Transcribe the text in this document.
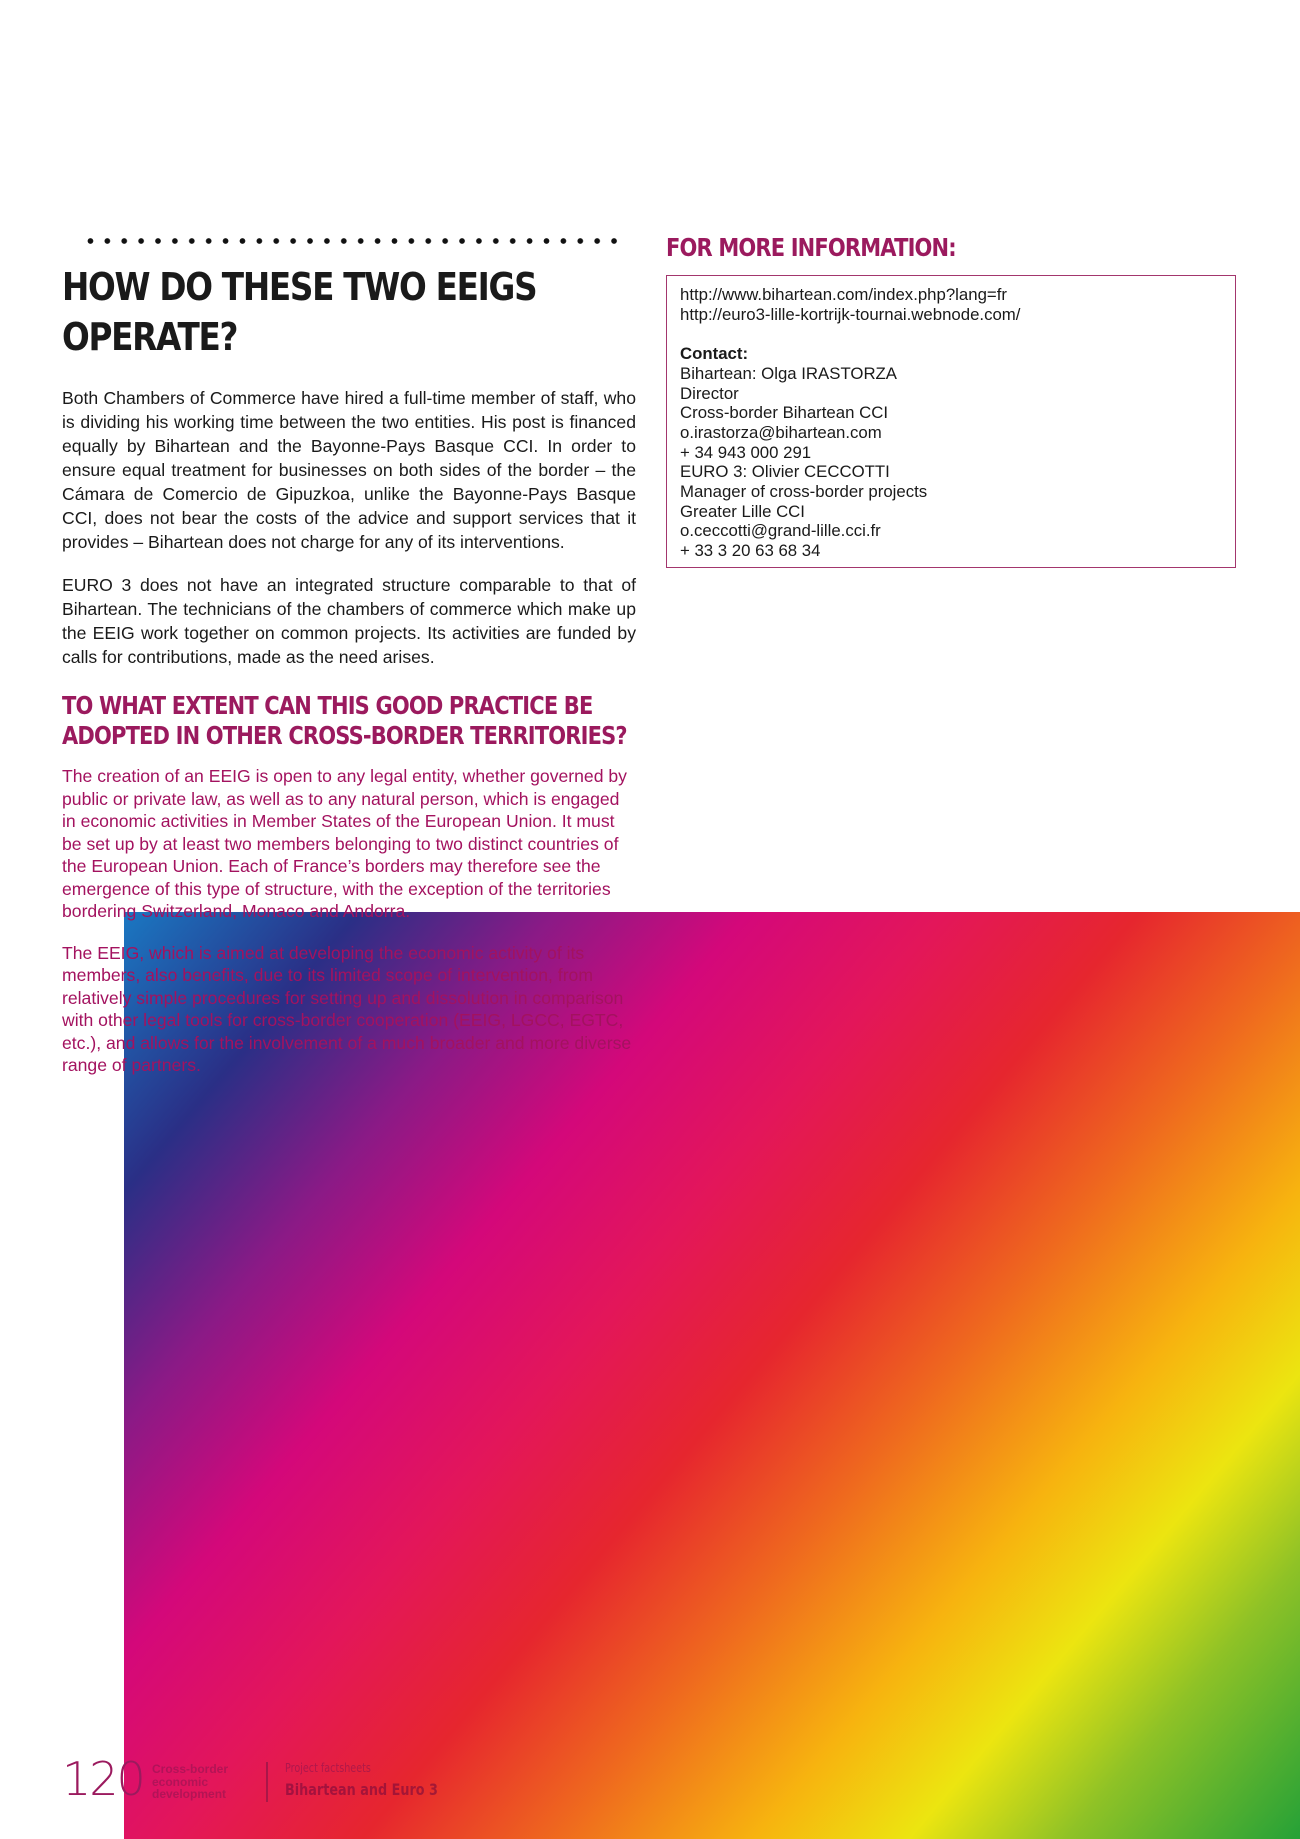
HOW DO THESE TWO EEIGS OPERATE?

Both Chambers of Commerce have hired a full-time member of staff, who is dividing his working time between the two entities. His post is financed equally by Bihartean and the Bayonne-Pays Basque CCI. In order to ensure equal treatment for businesses on both sides of the border – the Cámara de Comercio de Gipuzkoa, unlike the Bayonne-Pays Basque CCI, does not bear the costs of the advice and support services that it provides – Bihartean does not charge for any of its interventions.

EURO 3 does not have an integrated structure comparable to that of Bihartean. The technicians of the chambers of commerce which make up the EEIG work together on common projects. Its activities are funded by calls for contributions, made as the need arises.

TO WHAT EXTENT CAN THIS GOOD PRACTICE BE ADOPTED IN OTHER CROSS-BORDER TERRITORIES?

The creation of an EEIG is open to any legal entity, whether governed by public or private law, as well as to any natural person, which is engaged in economic activities in Member States of the European Union. It must be set up by at least two members belonging to two distinct countries of the European Union. Each of France’s borders may therefore see the emergence of this type of structure, with the exception of the territories bordering Switzerland, Monaco and Andorra.

The EEIG, which is aimed at developing the economic activity of its members, also benefits, due to its limited scope of intervention, from relatively simple procedures for setting up and dissolution in comparison with other legal tools for cross-border cooperation (EEIG, LGCC, EGTC, etc.), and allows for the involvement of a much broader and more diverse range of partners.

FOR MORE INFORMATION:
http://www.bihartean.com/index.php?lang=fr
http://euro3-lille-kortrijk-tournai.webnode.com/
Contact:
Bihartean: Olga IRASTORZA
Director
Cross-border Bihartean CCI
o.irastorza@bihartean.com
+ 34 943 000 291
EURO 3: Olivier CECCOTTI
Manager of cross-border projects
Greater Lille CCI
o.ceccotti@grand-lille.cci.fr
+ 33 3 20 63 68 34
120 Cross-border
economic
development
Project factsheets
Bihartean and Euro 3
